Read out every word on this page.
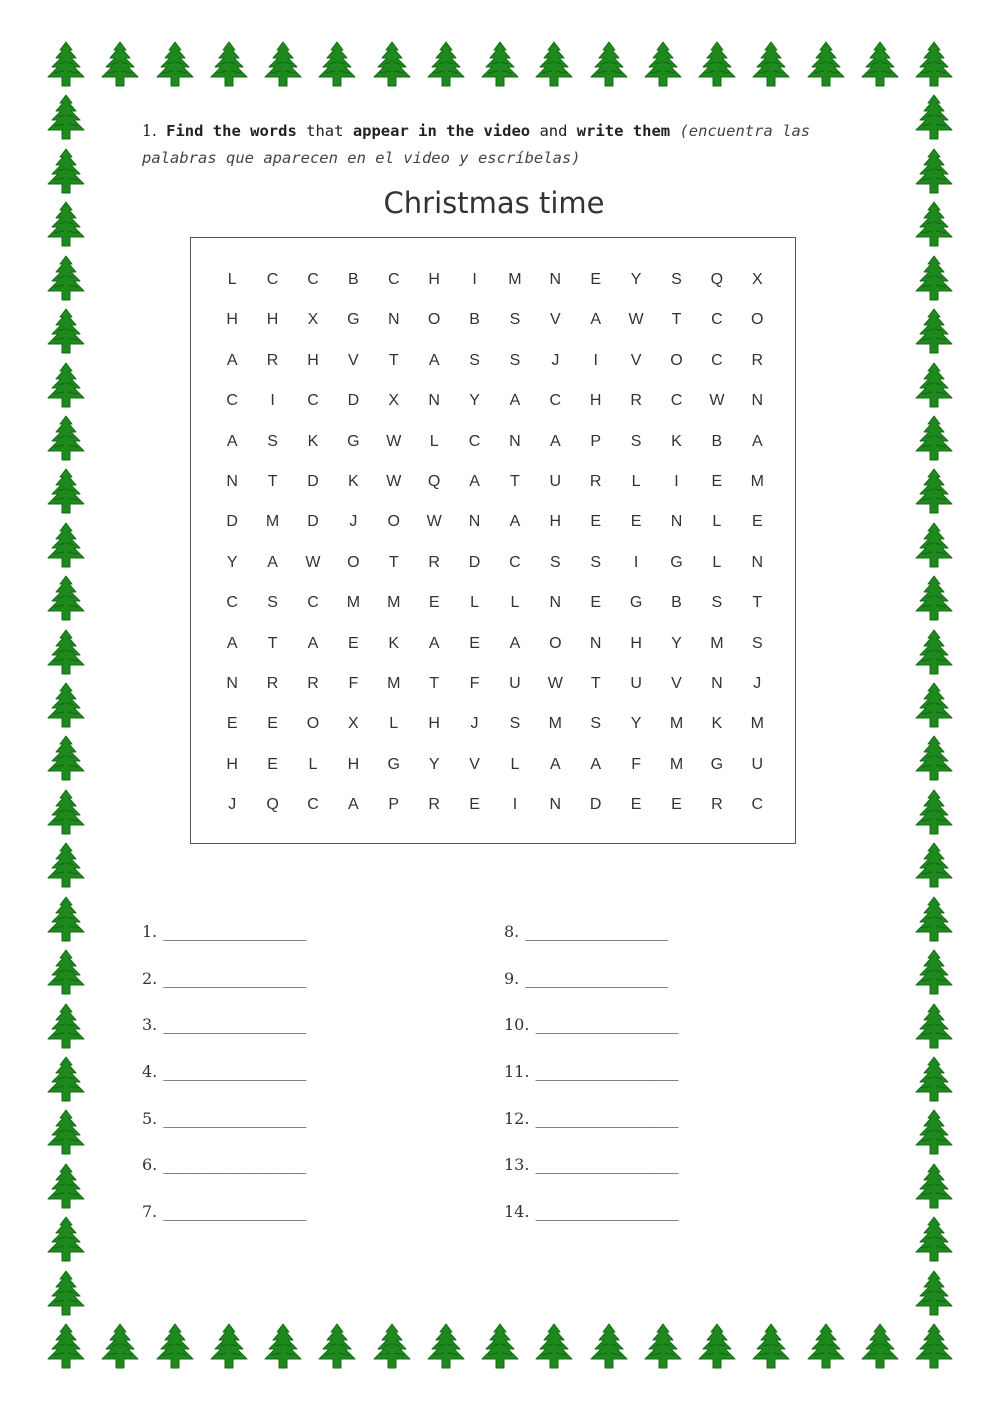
1. Find the words that appear in the video and write them (encuentra las palabras que aparecen en el video y escríbelas)
Christmas time
L	C	C	B	C	H	I	M	N	E	Y	S	Q	X
H	H	X	G	N	O	B	S	V	A	W	T	C	O
A	R	H	V	T	A	S	S	J	I	V	O	C	R
C	I	C	D	X	N	Y	A	C	H	R	C	W	N
A	S	K	G	W	L	C	N	A	P	S	K	B	A
N	T	D	K	W	Q	A	T	U	R	L	I	E	M
D	M	D	J	O	W	N	A	H	E	E	N	L	E
Y	A	W	O	T	R	D	C	S	S	I	G	L	N
C	S	C	M	M	E	L	L	N	E	G	B	S	T
A	T	A	E	K	A	E	A	O	N	H	Y	M	S
N	R	R	F	M	T	F	U	W	T	U	V	N	J
E	E	O	X	L	H	J	S	M	S	Y	M	K	M
H	E	L	H	G	Y	V	L	A	A	F	M	G	U
J	Q	C	A	P	R	E	I	N	D	E	E	R	C
1. ___________________
2. ___________________
3. ___________________
4. ___________________
5. ___________________
6. ___________________
7. ___________________
8. ___________________
9. ___________________
10. ___________________
11. ___________________
12. ___________________
13. ___________________
14. ___________________
